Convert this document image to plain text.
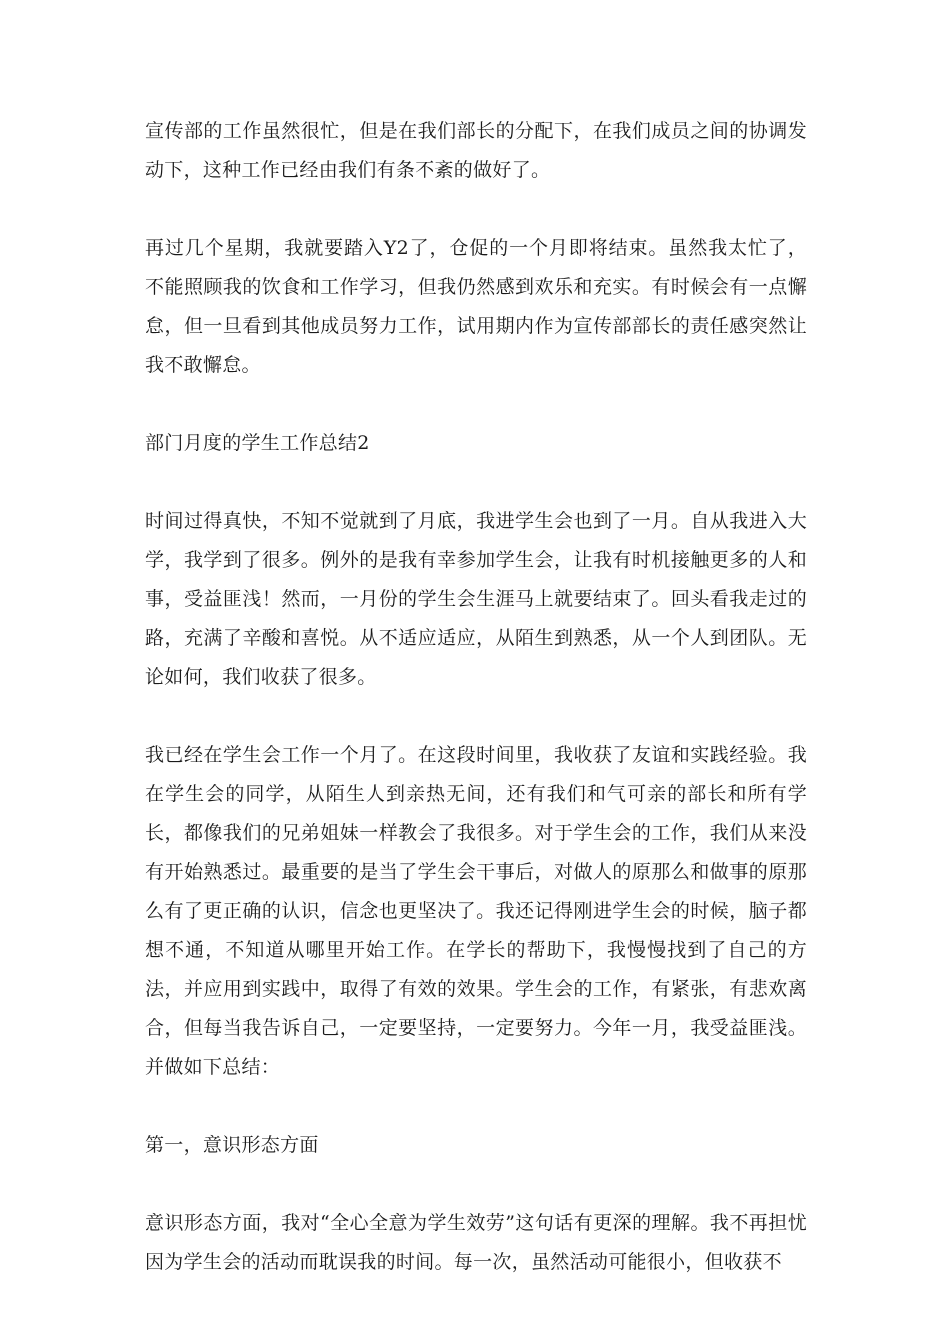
宣传部的工作虽然很忙，但是在我们部长的分配下，在我们成员之间的协调发动下，这种工作已经由我们有条不紊的做好了。

再过几个星期，我就要踏入Y2了，仓促的一个月即将结束。虽然我太忙了，不能照顾我的饮食和工作学习，但我仍然感到欢乐和充实。有时候会有一点懈怠，但一旦看到其他成员努力工作，试用期内作为宣传部部长的责任感突然让我不敢懈怠。

部门月度的学生工作总结2

时间过得真快，不知不觉就到了月底，我进学生会也到了一月。自从我进入大学，我学到了很多。例外的是我有幸参加学生会，让我有时机接触更多的人和事，受益匪浅！然而，一月份的学生会生涯马上就要结束了。回头看我走过的路，充满了辛酸和喜悦。从不适应适应，从陌生到熟悉，从一个人到团队。无论如何，我们收获了很多。

我已经在学生会工作一个月了。在这段时间里，我收获了友谊和实践经验。我在学生会的同学，从陌生人到亲热无间，还有我们和气可亲的部长和所有学长，都像我们的兄弟姐妹一样教会了我很多。对于学生会的工作，我们从来没有开始熟悉过。最重要的是当了学生会干事后，对做人的原那么和做事的原那么有了更正确的认识，信念也更坚决了。我还记得刚进学生会的时候，脑子都想不通，不知道从哪里开始工作。在学长的帮助下，我慢慢找到了自己的方法，并应用到实践中，取得了有效的效果。学生会的工作，有紧张，有悲欢离合，但每当我告诉自己，一定要坚持，一定要努力。今年一月，我受益匪浅。并做如下总结：

第一，意识形态方面

意识形态方面，我对“全心全意为学生效劳”这句话有更深的理解。我不再担忧因为学生会的活动而耽误我的时间。每一次，虽然活动可能很小，但收获不
